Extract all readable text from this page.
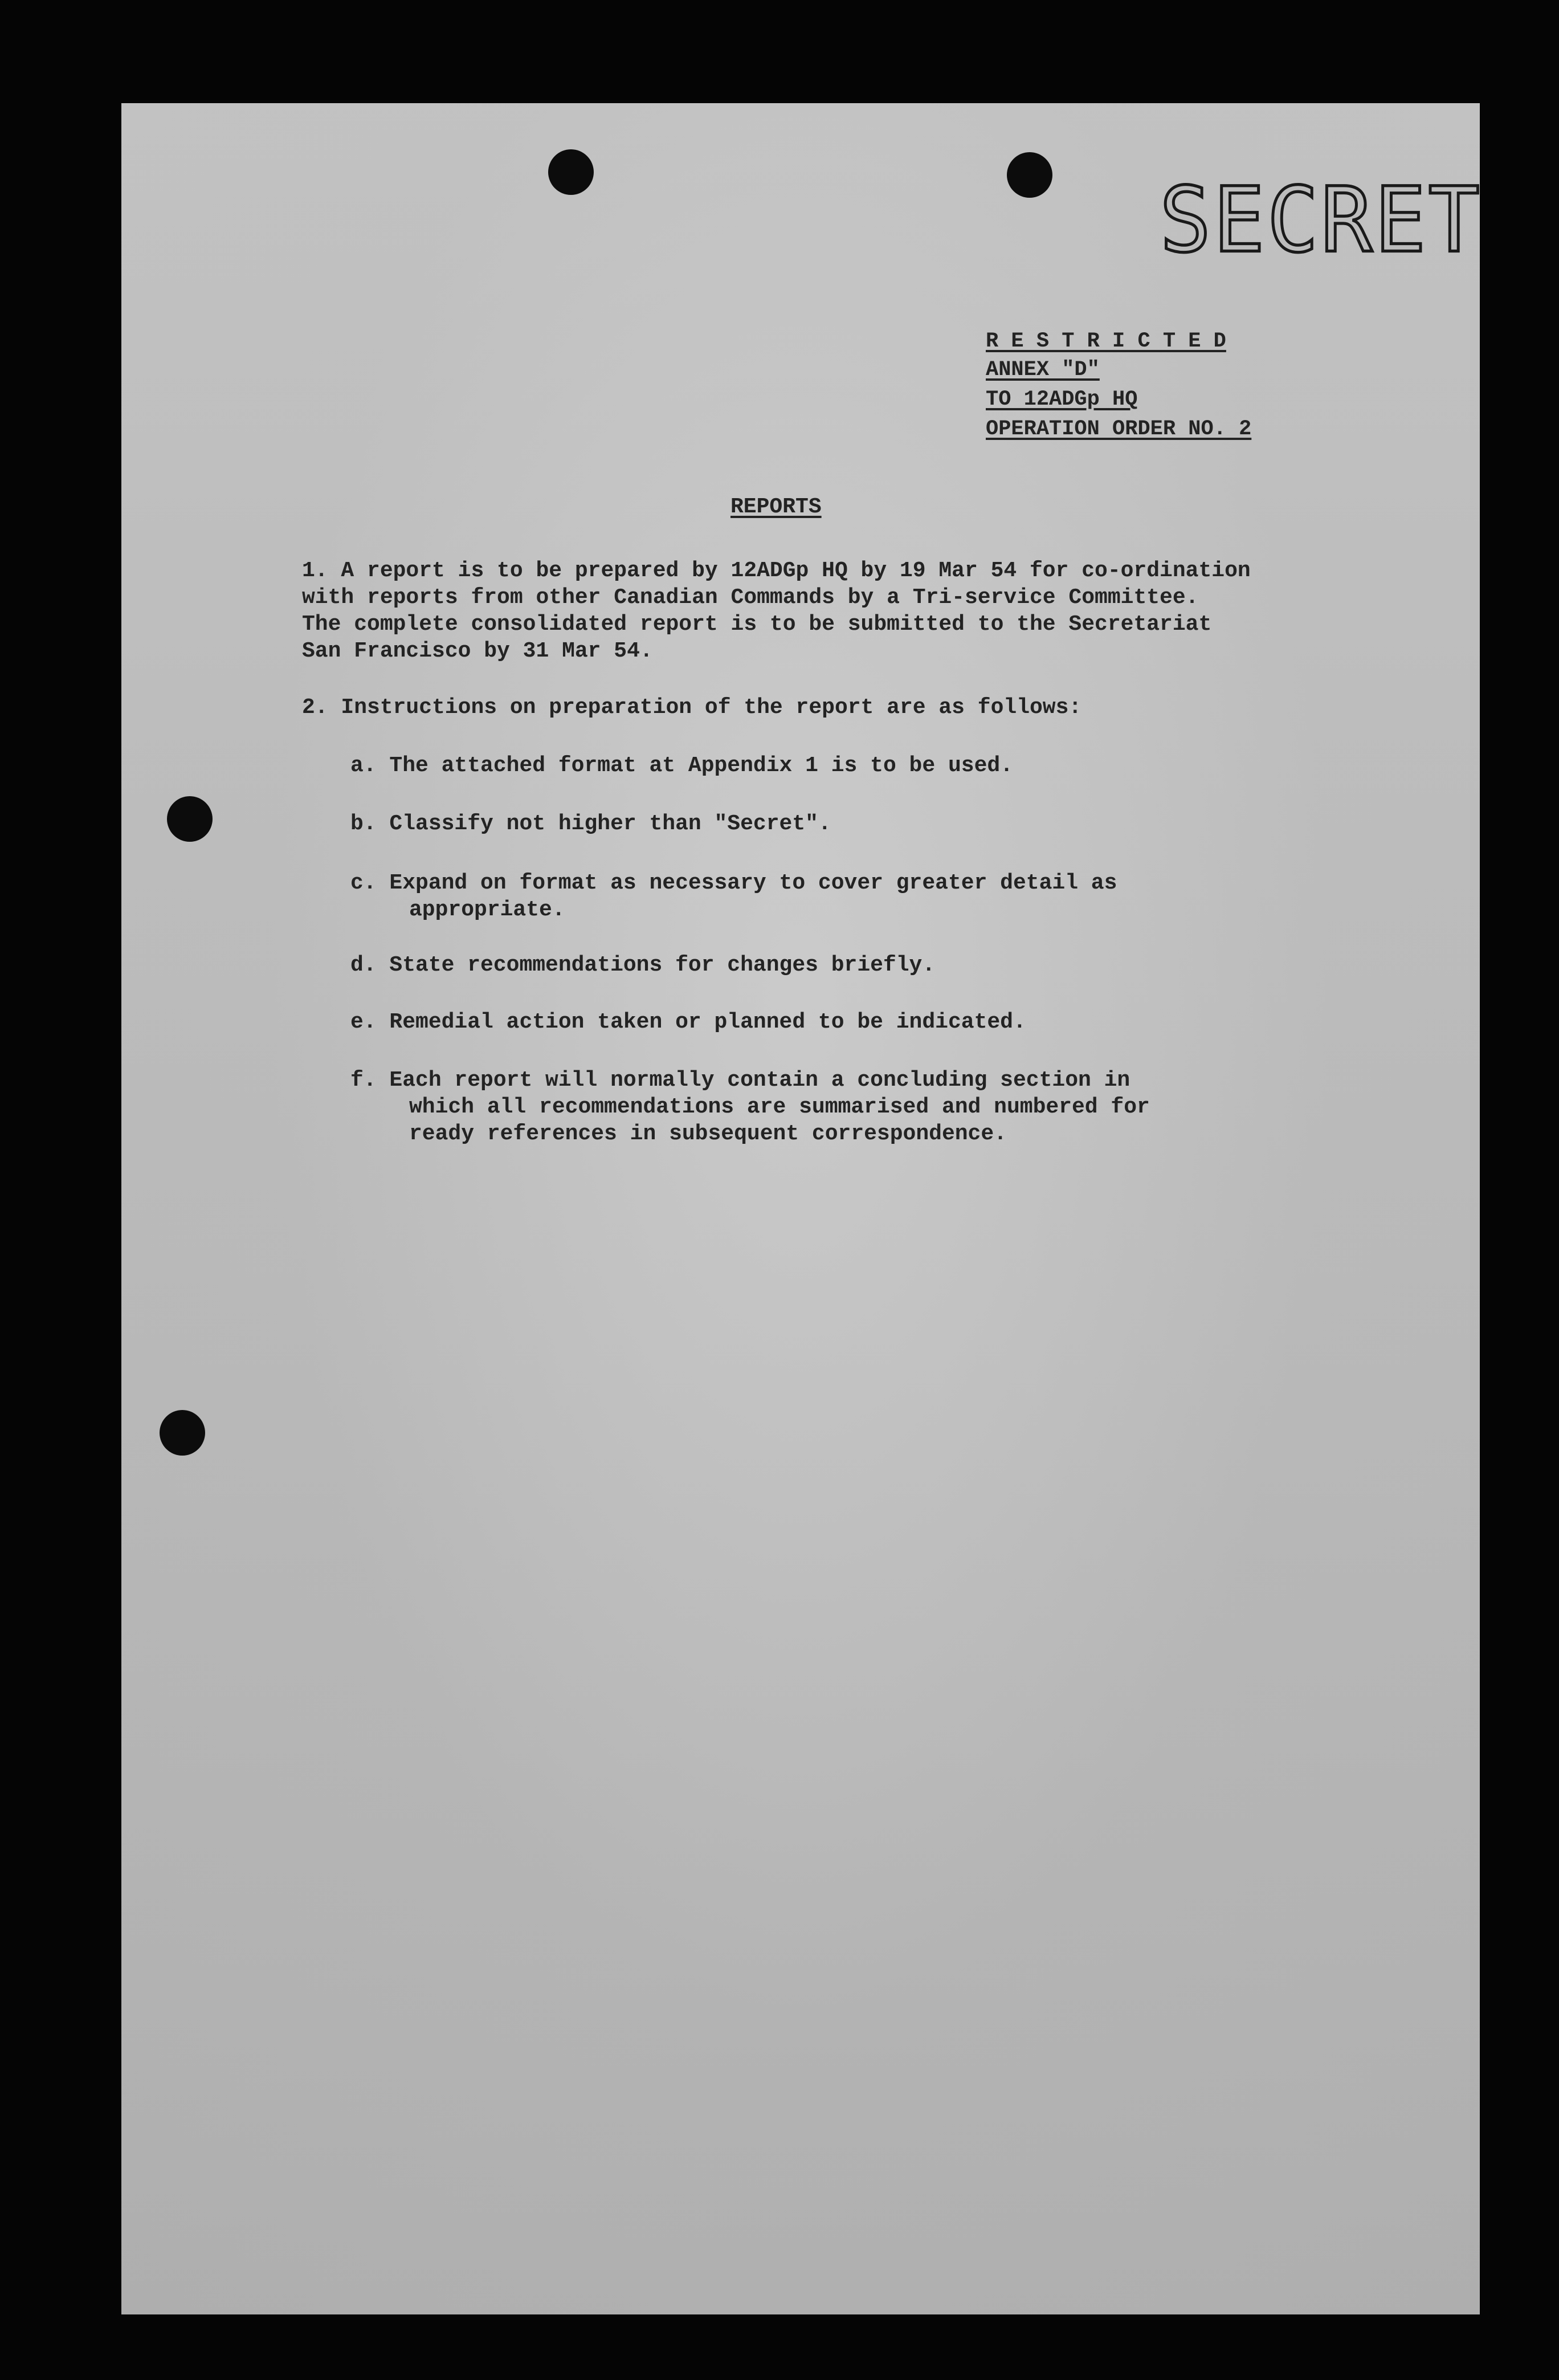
SECRET
R E S T R I C T E D
ANNEX "D"
TO 12ADGp HQ
OPERATION ORDER NO. 2
REPORTS
1. A report is to be prepared by 12ADGp HQ by 19 Mar 54 for co-ordination
with reports from other Canadian Commands by a Tri-service Committee.
The complete consolidated report is to be submitted to the Secretariat
San Francisco by 31 Mar 54.
2. Instructions on preparation of the report are as follows:
a. The attached format at Appendix 1 is to be used.
b. Classify not higher than "Secret".
c. Expand on format as necessary to cover greater detail as
appropriate.
d. State recommendations for changes briefly.
e. Remedial action taken or planned to be indicated.
f. Each report will normally contain a concluding section in
which all recommendations are summarised and numbered for
ready references in subsequent correspondence.
